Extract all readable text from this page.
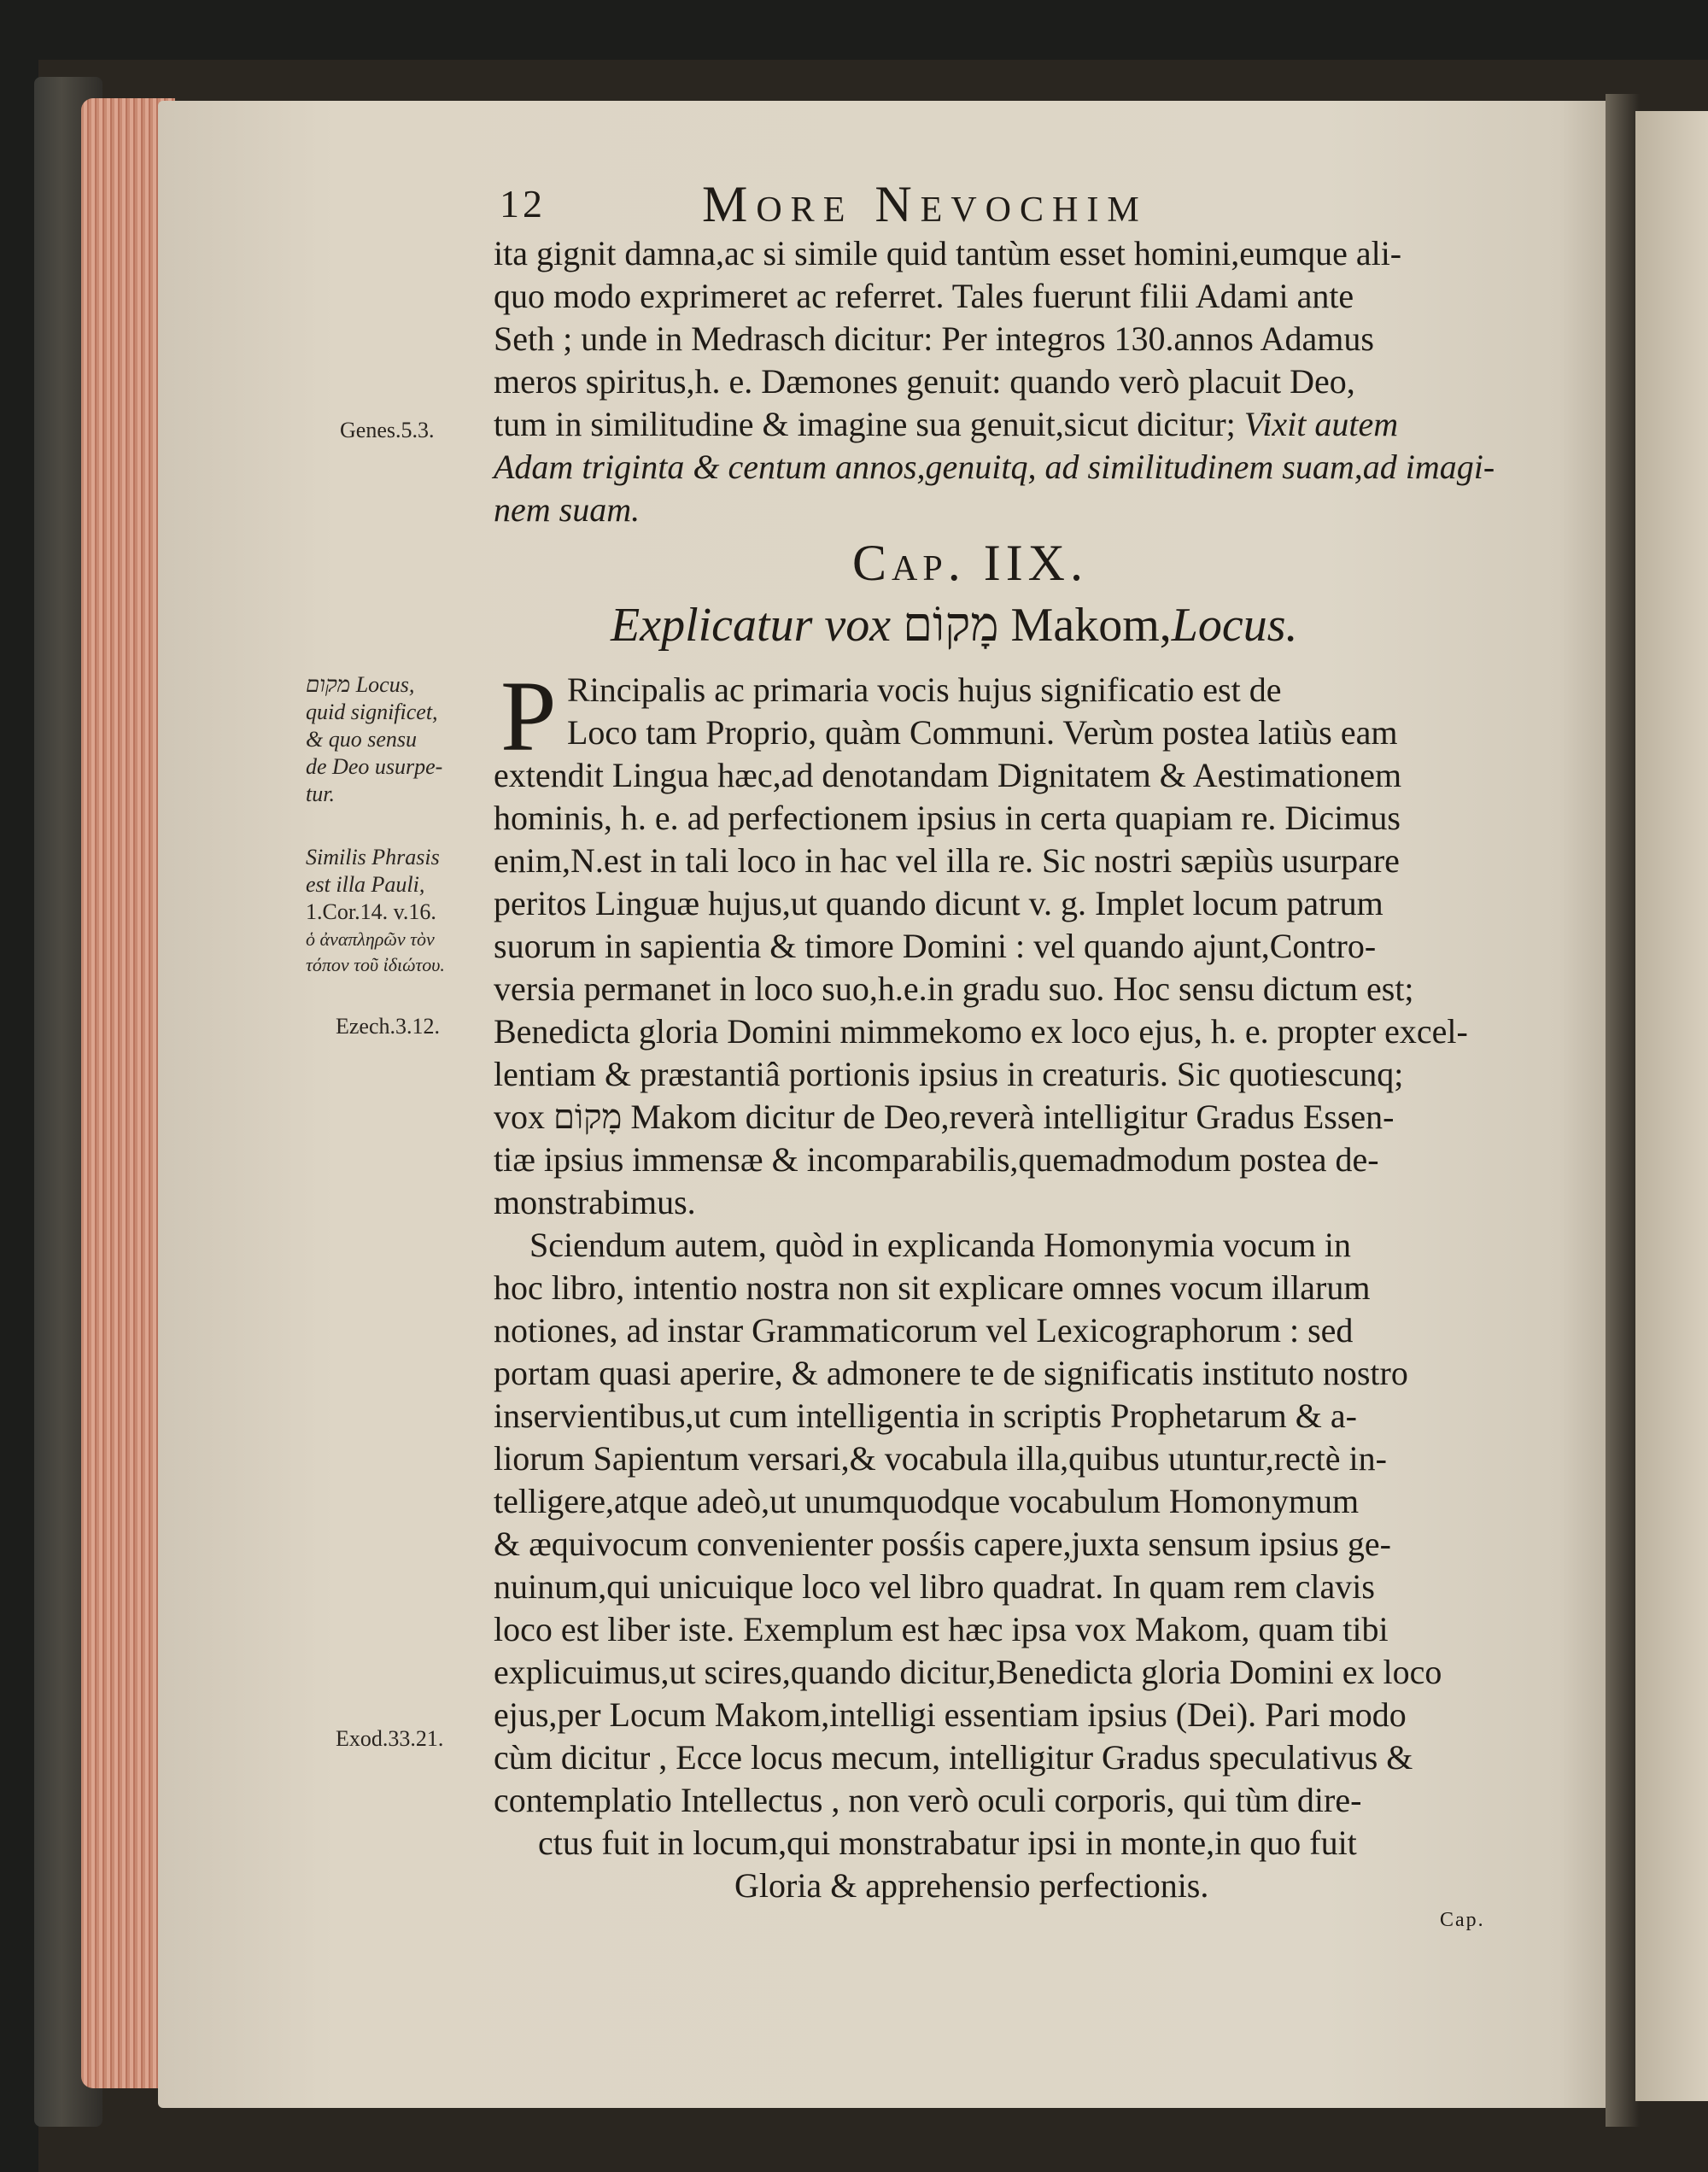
12	More Nevochim
ita gignit damna,ac si simile quid tantùm esset homini,eumque ali-
quo modo exprimeret ac referret. Tales fuerunt filii Adami ante
Seth ; unde in Medrasch dicitur: Per integros 130.annos Adamus
meros spiritus,h. e. Dæmones genuit: quando verò placuit Deo,
tum in similitudine & imagine sua genuit,sicut dicitur; Vixit autem
Adam triginta & centum annos,genuitq, ad similitudinem suam,ad imagi-
nem suam.
Cap. IIX.
Explicatur vox מָקוֹם Makom,Locus.
P Rincipalis ac primaria vocis hujus significatio est de
Loco tam Proprio, quàm Communi. Verùm postea latiùs eam
extendit Lingua hæc,ad denotandam Dignitatem & Aestimationem
hominis, h. e. ad perfectionem ipsius in certa quapiam re. Dicimus
enim,N.est in tali loco in hac vel illa re. Sic nostri sæpiùs usurpare
peritos Linguæ hujus,ut quando dicunt v. g. Implet locum patrum
suorum in sapientia & timore Domini : vel quando ajunt,Contro-
versia permanet in loco suo,h.e.in gradu suo. Hoc sensu dictum est;
Benedicta gloria Domini mimmekomo ex loco ejus, h. e. propter excel-
lentiam & præstantiâ portionis ipsius in creaturis. Sic quotiescunq;
vox מָקוֹם Makom dicitur de Deo,reverà intelligitur Gradus Essen-
tiæ ipsius immensæ & incomparabilis,quemadmodum postea de-
monstrabimus.
Sciendum autem, quòd in explicanda Homonymia vocum in
hoc libro, intentio nostra non sit explicare omnes vocum illarum
notiones, ad instar Grammaticorum vel Lexicographorum : sed
portam quasi aperire, & admonere te de significatis instituto nostro
inservientibus,ut cum intelligentia in scriptis Prophetarum & a-
liorum Sapientum versari,& vocabula illa,quibus utuntur,rectè in-
telligere,atque adeò,ut unumquodque vocabulum Homonymum
& æquivocum convenienter posśis capere,juxta sensum ipsius ge-
nuinum,qui unicuique loco vel libro quadrat. In quam rem clavis
loco est liber iste. Exemplum est hæc ipsa vox Makom, quam tibi
explicuimus,ut scires,quando dicitur,Benedicta gloria Domini ex loco
ejus,per Locum Makom,intelligi essentiam ipsius (Dei). Pari modo
cùm dicitur , Ecce locus mecum, intelligitur Gradus speculativus &
contemplatio Intellectus , non verò oculi corporis, qui tùm dire-
ctus fuit in locum,qui monstrabatur ipsi in monte,in quo fuit
Gloria & apprehensio perfectionis.
Genes.5.3.
מקום Locus,
quid significet,
& quo sensu
de Deo usurpe-
tur.
Similis Phrasis
est illa Pauli,
1.Cor.14. v.16.
ὁ ἀναπληρῶν τὸν
τόπον τοῦ ἰδιώτου.
Ezech.3.12.
Exod.33.21.
Cap.
